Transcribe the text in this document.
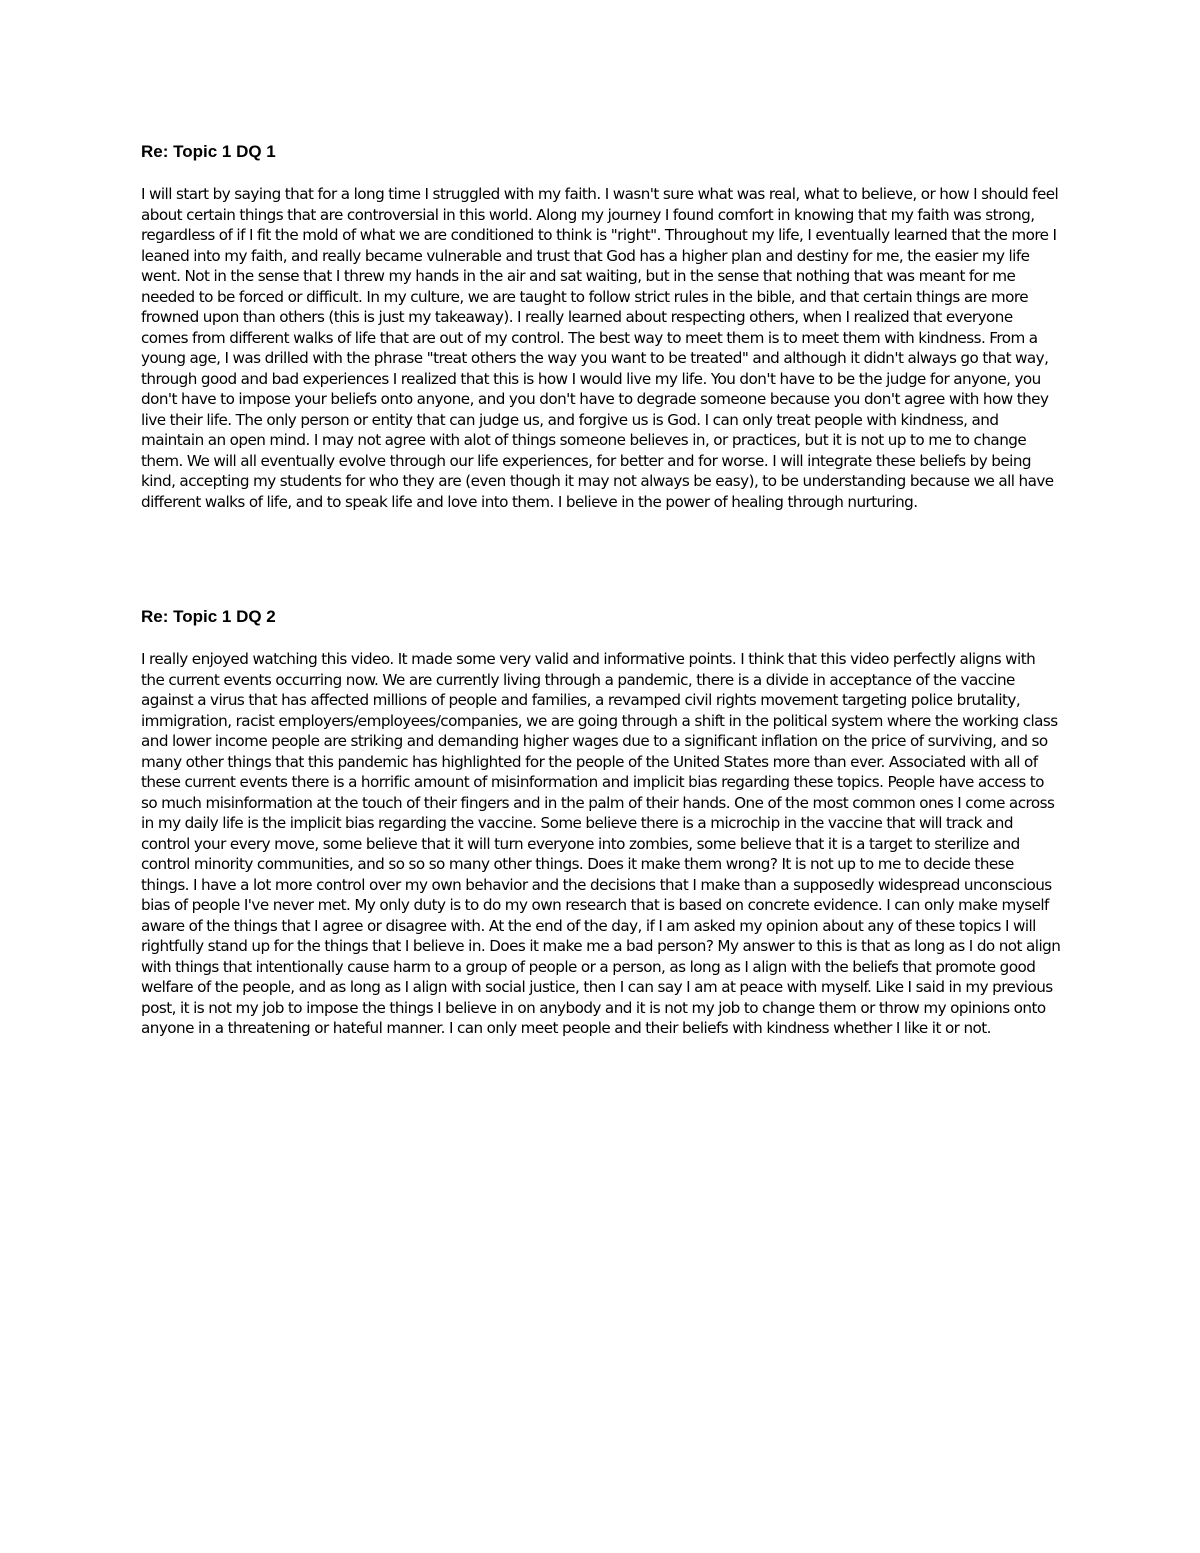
Re: Topic 1 DQ 1

I will start by saying that for a long time I struggled with my faith. I wasn't sure what was real, what to believe, or how I should feel about certain things that are controversial in this world. Along my journey I found comfort in knowing that my faith was strong, regardless of if I fit the mold of what we are conditioned to think is "right". Throughout my life, I eventually learned that the more I leaned into my faith, and really became vulnerable and trust that God has a higher plan and destiny for me, the easier my life went. Not in the sense that I threw my hands in the air and sat waiting, but in the sense that nothing that was meant for me needed to be forced or difficult. In my culture, we are taught to follow strict rules in the bible, and that certain things are more frowned upon than others (this is just my takeaway). I really learned about respecting others, when I realized that everyone comes from different walks of life that are out of my control. The best way to meet them is to meet them with kindness. From a young age, I was drilled with the phrase "treat others the way you want to be treated" and although it didn't always go that way, through good and bad experiences I realized that this is how I would live my life. You don't have to be the judge for anyone, you don't have to impose your beliefs onto anyone, and you don't have to degrade someone because you don't agree with how they live their life. The only person or entity that can judge us, and forgive us is God. I can only treat people with kindness, and maintain an open mind. I may not agree with alot of things someone believes in, or practices, but it is not up to me to change them. We will all eventually evolve through our life experiences, for better and for worse. I will integrate these beliefs by being kind, accepting my students for who they are (even though it may not always be easy), to be understanding because we all have different walks of life, and to speak life and love into them. I believe in the power of healing through nurturing.

Re: Topic 1 DQ 2

I really enjoyed watching this video. It made some very valid and informative points. I think that this video perfectly aligns with the current events occurring now. We are currently living through a pandemic, there is a divide in acceptance of the vaccine against a virus that has affected millions of people and families, a revamped civil rights movement targeting police brutality, immigration, racist employers/employees/companies, we are going through a shift in the political system where the working class and lower income people are striking and demanding higher wages due to a significant inflation on the price of surviving, and so many other things that this pandemic has highlighted for the people of the United States more than ever. Associated with all of these current events there is a horrific amount of misinformation and implicit bias regarding these topics. People have access to so much misinformation at the touch of their fingers and in the palm of their hands. One of the most common ones I come across in my daily life is the implicit bias regarding the vaccine. Some believe there is a microchip in the vaccine that will track and control your every move, some believe that it will turn everyone into zombies, some believe that it is a target to sterilize and control minority communities, and so so so many other things. Does it make them wrong? It is not up to me to decide these things. I have a lot more control over my own behavior and the decisions that I make than a supposedly widespread unconscious bias of people I've never met. My only duty is to do my own research that is based on concrete evidence. I can only make myself aware of the things that I agree or disagree with. At the end of the day, if I am asked my opinion about any of these topics I will rightfully stand up for the things that I believe in. Does it make me a bad person? My answer to this is that as long as I do not align with things that intentionally cause harm to a group of people or a person, as long as I align with the beliefs that promote good welfare of the people, and as long as I align with social justice, then I can say I am at peace with myself. Like I said in my previous post, it is not my job to impose the things I believe in on anybody and it is not my job to change them or throw my opinions onto anyone in a threatening or hateful manner. I can only meet people and their beliefs with kindness whether I like it or not.
